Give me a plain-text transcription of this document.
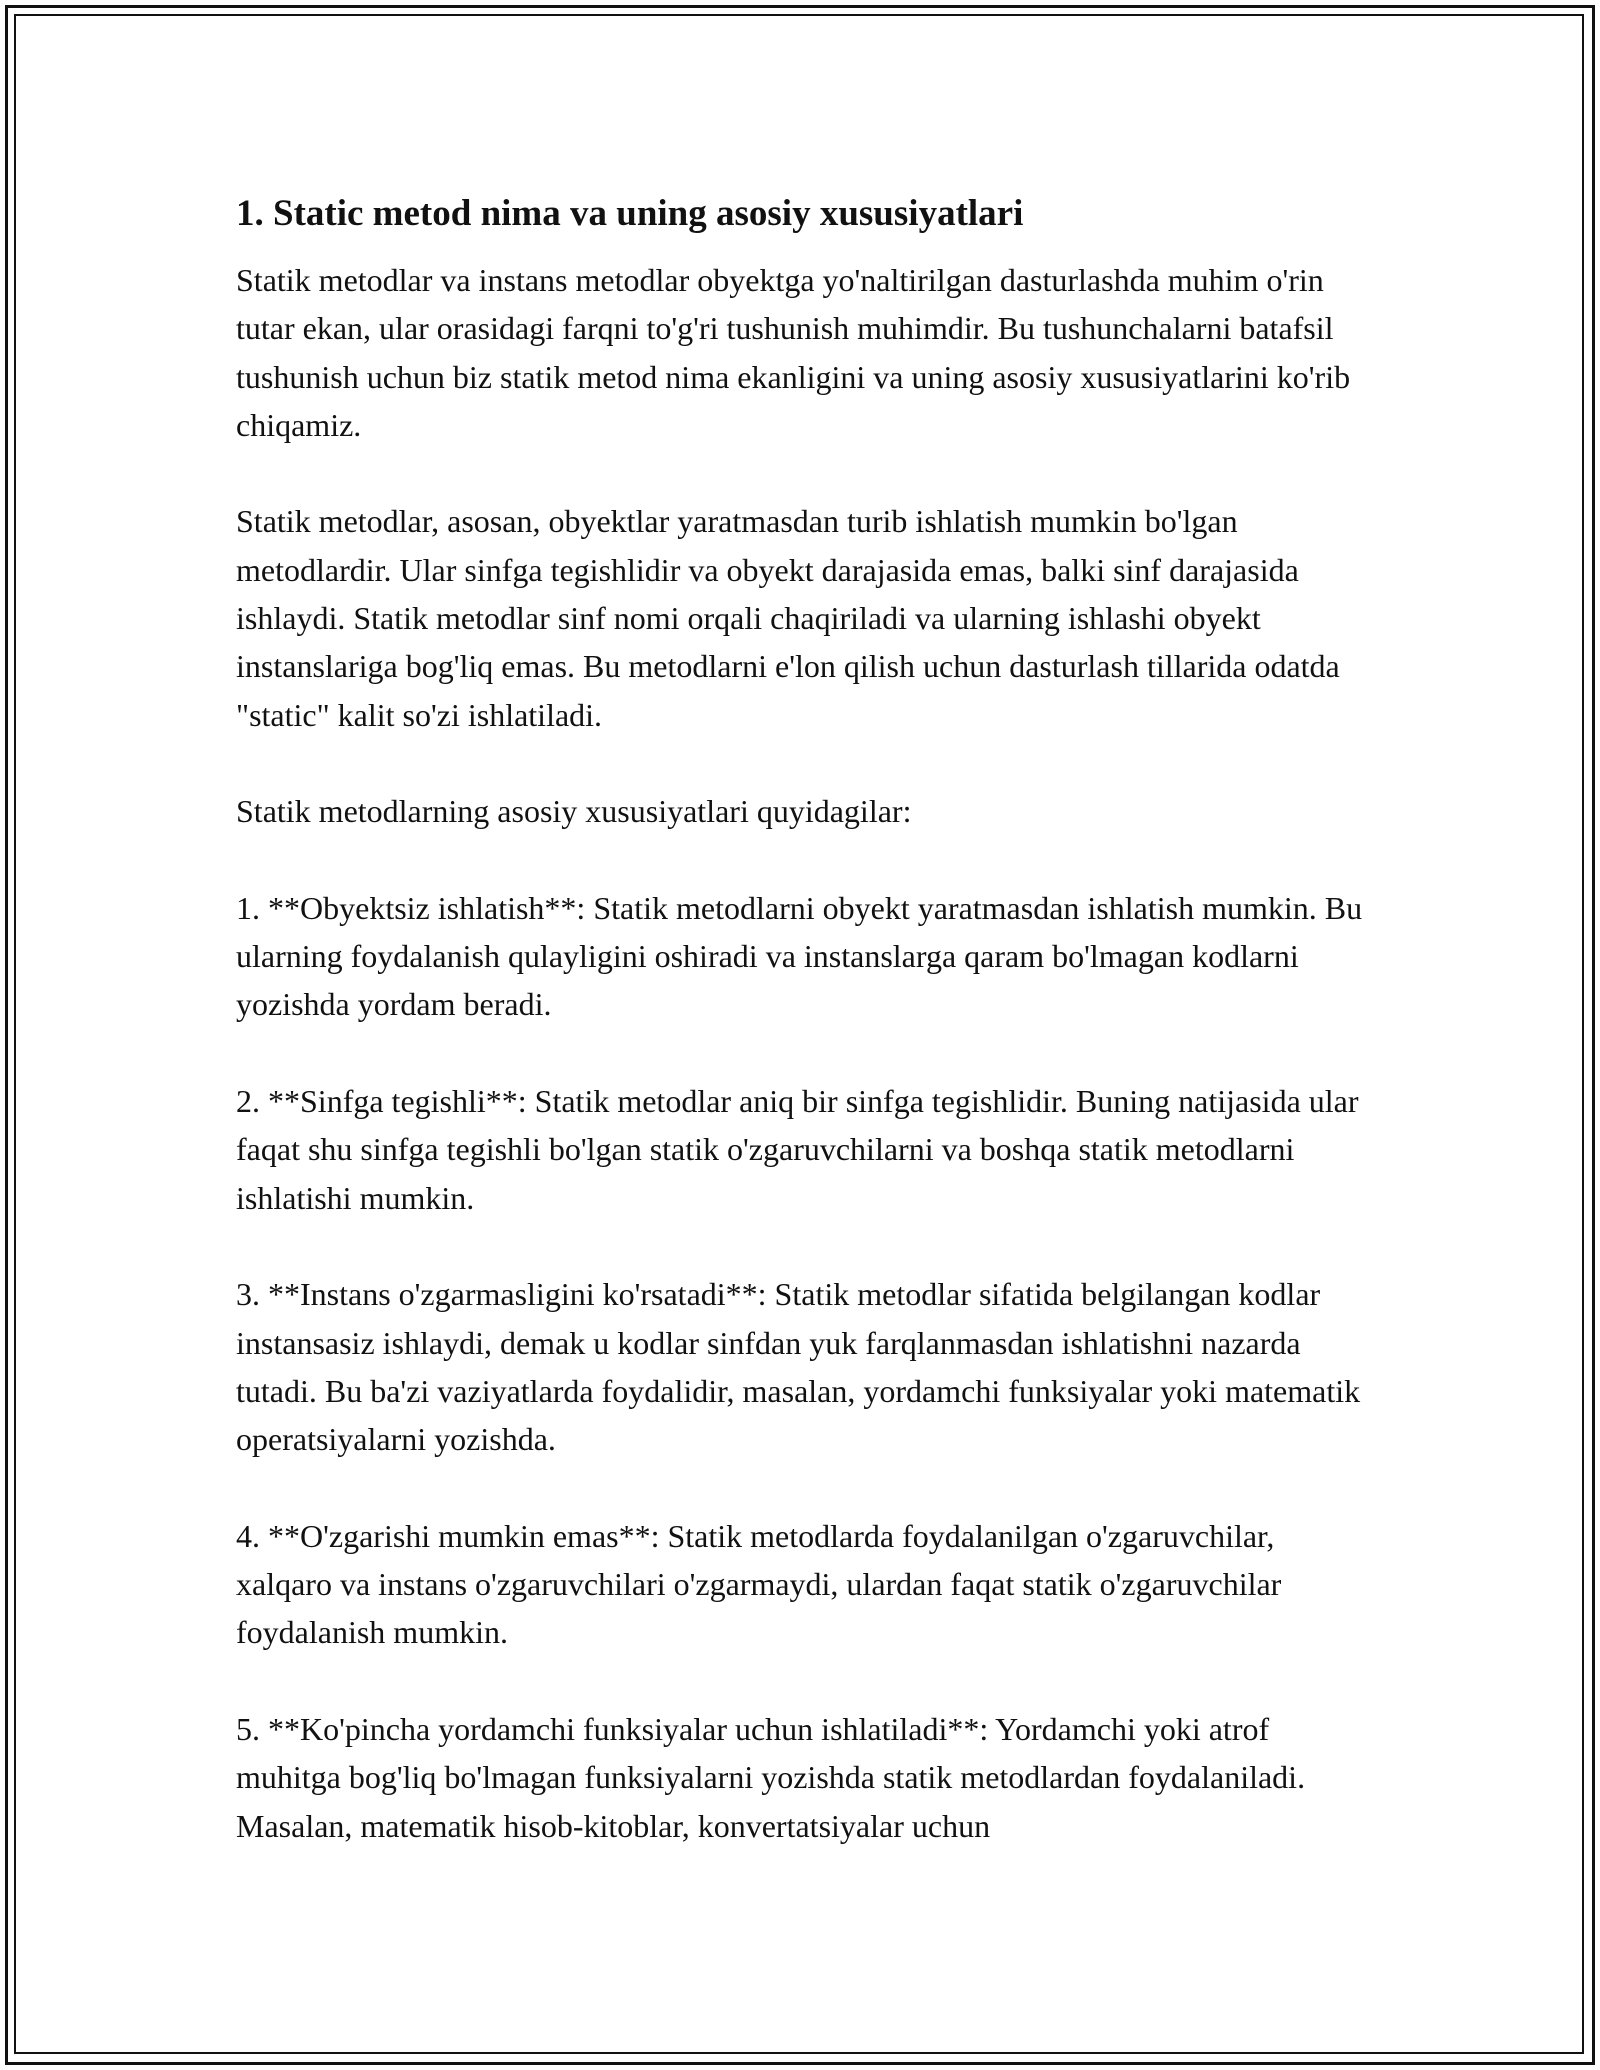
1. Static metod nima va uning asosiy xususiyatlari

Statik metodlar va instans metodlar obyektga yo'naltirilgan dasturlashda muhim o'rin tutar ekan, ular orasidagi farqni to'g'ri tushunish muhimdir. Bu tushunchalarni batafsil tushunish uchun biz statik metod nima ekanligini va uning asosiy xususiyatlarini ko'rib chiqamiz.

Statik metodlar, asosan, obyektlar yaratmasdan turib ishlatish mumkin bo'lgan metodlardir. Ular sinfga tegishlidir va obyekt darajasida emas, balki sinf darajasida ishlaydi. Statik metodlar sinf nomi orqali chaqiriladi va ularning ishlashi obyekt instanslariga bog'liq emas. Bu metodlarni e'lon qilish uchun dasturlash tillarida odatda "static" kalit so'zi ishlatiladi.

Statik metodlarning asosiy xususiyatlari quyidagilar:

1. **Obyektsiz ishlatish**: Statik metodlarni obyekt yaratmasdan ishlatish mumkin. Bu ularning foydalanish qulayligini oshiradi va instanslarga qaram bo'lmagan kodlarni yozishda yordam beradi.

2. **Sinfga tegishli**: Statik metodlar aniq bir sinfga tegishlidir. Buning natijasida ular faqat shu sinfga tegishli bo'lgan statik o'zgaruvchilarni va boshqa statik metodlarni ishlatishi mumkin.

3. **Instans o'zgarmasligini ko'rsatadi**: Statik metodlar sifatida belgilangan kodlar instansasiz ishlaydi, demak u kodlar sinfdan yuk farqlanmasdan ishlatishni nazarda tutadi. Bu ba'zi vaziyatlarda foydalidir, masalan, yordamchi funksiyalar yoki matematik operatsiyalarni yozishda.

4. **O'zgarishi mumkin emas**: Statik metodlarda foydalanilgan o'zgaruvchilar, xalqaro va instans o'zgaruvchilari o'zgarmaydi, ulardan faqat statik o'zgaruvchilar foydalanish mumkin.

5. **Ko'pincha yordamchi funksiyalar uchun ishlatiladi**: Yordamchi yoki atrof muhitga bog'liq bo'lmagan funksiyalarni yozishda statik metodlardan foydalaniladi. Masalan, matematik hisob-kitoblar, konvertatsiyalar uchun
